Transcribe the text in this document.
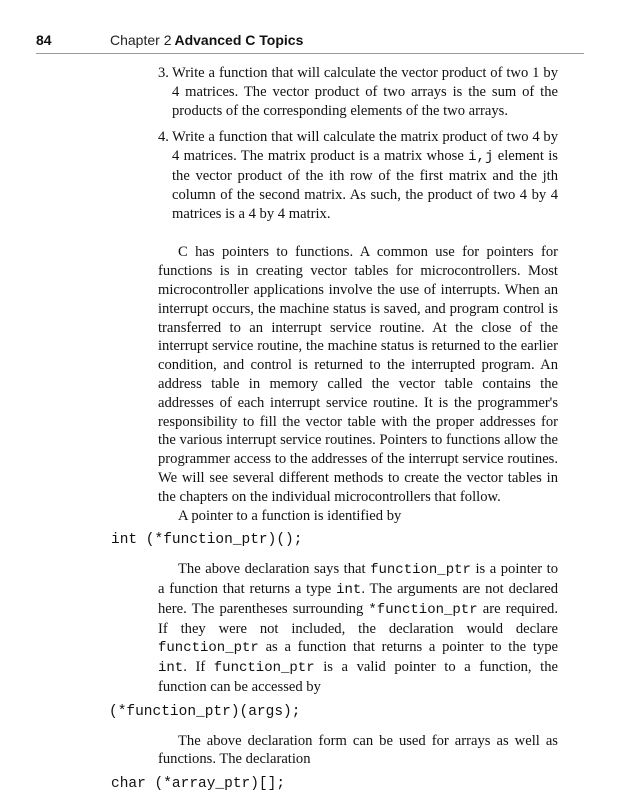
84	Chapter 2 Advanced C Topics
3. Write a function that will calculate the vector product of two 1 by 4 matrices. The vector product of two arrays is the sum of the products of the corresponding elements of the two arrays.

4. Write a function that will calculate the matrix product of two 4 by 4 matrices. The matrix product is a matrix whose i,j element is the vector product of the ith row of the first matrix and the jth column of the second matrix. As such, the product of two 4 by 4 matrices is a 4 by 4 matrix.

C has pointers to functions. A common use for pointers for functions is in creating vector tables for microcontrollers. Most microcontroller applications involve the use of interrupts. When an interrupt occurs, the machine status is saved, and program control is transferred to an interrupt service routine. At the close of the interrupt service routine, the machine status is returned to the earlier condition, and control is returned to the interrupted program. An address table in memory called the vector table contains the addresses of each interrupt service routine. It is the programmer's responsibility to fill the vector table with the proper addresses for the various interrupt service routines. Pointers to functions allow the programmer access to the addresses of the interrupt service routines. We will see several different methods to create the vector tables in the chapters on the individual microcontrollers that follow.

A pointer to a function is identified by

int (*function_ptr)();

The above declaration says that function_ptr is a pointer to a function that returns a type int. The arguments are not declared here. The parentheses surrounding *function_ptr are required. If they were not included, the declaration would declare function_ptr as a function that returns a pointer to the type int. If function_ptr is a valid pointer to a function, the function can be accessed by

(*function_ptr)(args);

The above declaration form can be used for arrays as well as functions. The declaration

char (*array_ptr)[];
